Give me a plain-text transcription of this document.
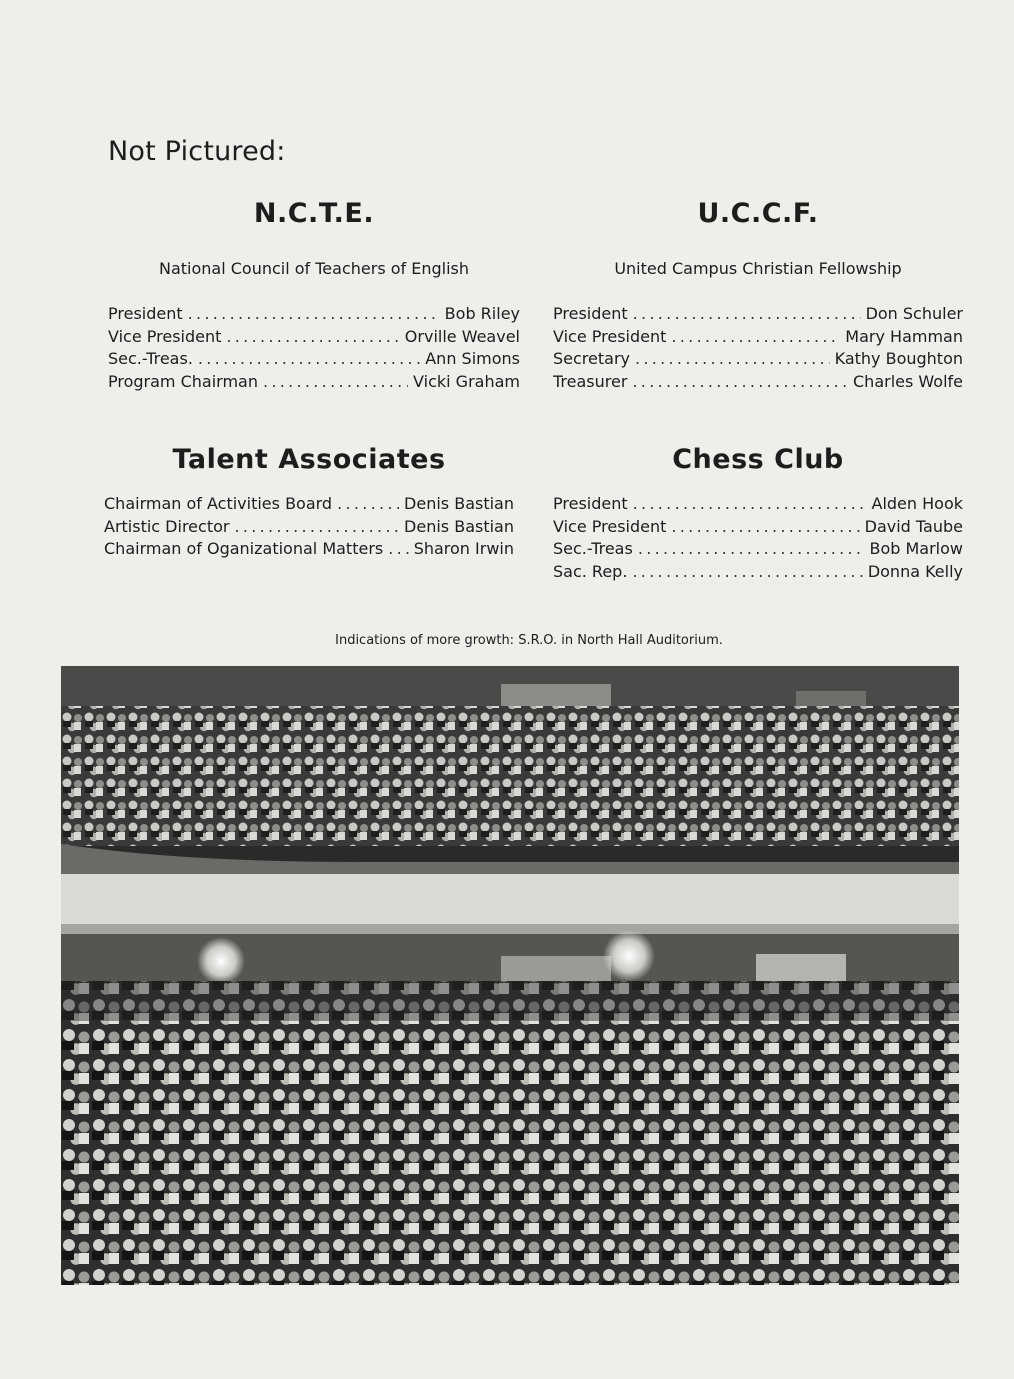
Not Pictured:
N.C.T.E.
National Council of Teachers of English
President .....	Bob Riley
Vice President .....	Orville Weavel
Sec.-Treas. .....	Ann Simons
Program Chairman .....	Vicki Graham
U.C.C.F.
United Campus Christian Fellowship
President .....	Don Schuler
Vice President .....	Mary Hamman
Secretary .....	Kathy Boughton
Treasurer .....	Charles Wolfe
Talent Associates
Chairman of Activities Board .....	Denis Bastian
Artistic Director .....	Denis Bastian
Chairman of Oganizational Matters ..... Sharon Irwin
Chess Club
President .....	Alden Hook
Vice President .....	David Taube
Sec.-Treas .....	Bob Marlow
Sac. Rep. .....	Donna Kelly
Indications of more growth: S.R.O. in North Hall Auditorium.
